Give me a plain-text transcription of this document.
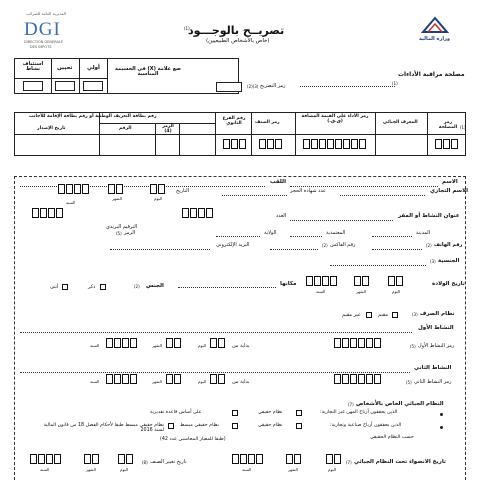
المديرية العامة للضرائب
DGI
DIRECTION GENERALE
DES IMPOTS
تصريــح بالوجـــود
(1)
(خاص بالأشخاص الطبيعيين)	وزارة المالية
استئناف نشاط	تحيين	أولي	ضع علامة (X) في الخسيمة المناسبة	مصلحة مراقبة الأداءات
(1)
رمز التصريح
(2)(3)
رقم بطاقة التعريف الوطنية أو رقم بطاقة الإقامة للأجانب
تاريخ الإصدار	الرقم	الرمز (4)
رقم الفرع الثانوي	رمز الصنف
رمز الأداء على القيمة المضافة (ق.ق.)	المعرف الجبائي	رمز المصلحة (1)
الاسم
اللقب
الاسم التجاري
عدد شهادة الحجز
التاريخ
اليوم
الشهر
السنة
عنوان النشاط أو المقر
العدد
الترقيم البريدي
المدينة
المعتمدية
الولاية
الرمز
(5)
رقم الهاتف
(2)
رقم الفاكس
(2)
البريد الإلكتروني
الجنسية
(3)
تاريخ الولادة
اليوم
الشهر
السنة
مكانها
الجنس
(2)
ذكر
أنثى
نظام الصرف
(3)
مقيم
غير مقيم
النشاط الأول
رمز النشاط الأول
(5)
بداية من
اليوم
الشهر
السنة
النشاط الثاني
رمز النشاط الثاني
(5)
بداية من
اليوم
الشهر
السنة
النظام الجبائي الخاص بالأشخاص
(7)
الذين يحققون أرباح المهن غير التجارية:
نظام حقيقي
على أساس قاعدة تقديرية
الذين يحققون أرباح صناعية وتجارية:
نظام حقيقي
نظام حقيقي مبسط
نظام حقيقي مبسط طبقا لأحكام الفصل 18 من قانون المالية لسنة 2016
حسب النظام الحقيقي
(طبقا للمعيار المحاسبي عدد 42)
تاريخ الانضواء تحت النظام الجبائي
(7)
اليوم
الشهر
السنة
تاريخ تغيير الصنف
(8)
اليوم
الشهر
السنة
